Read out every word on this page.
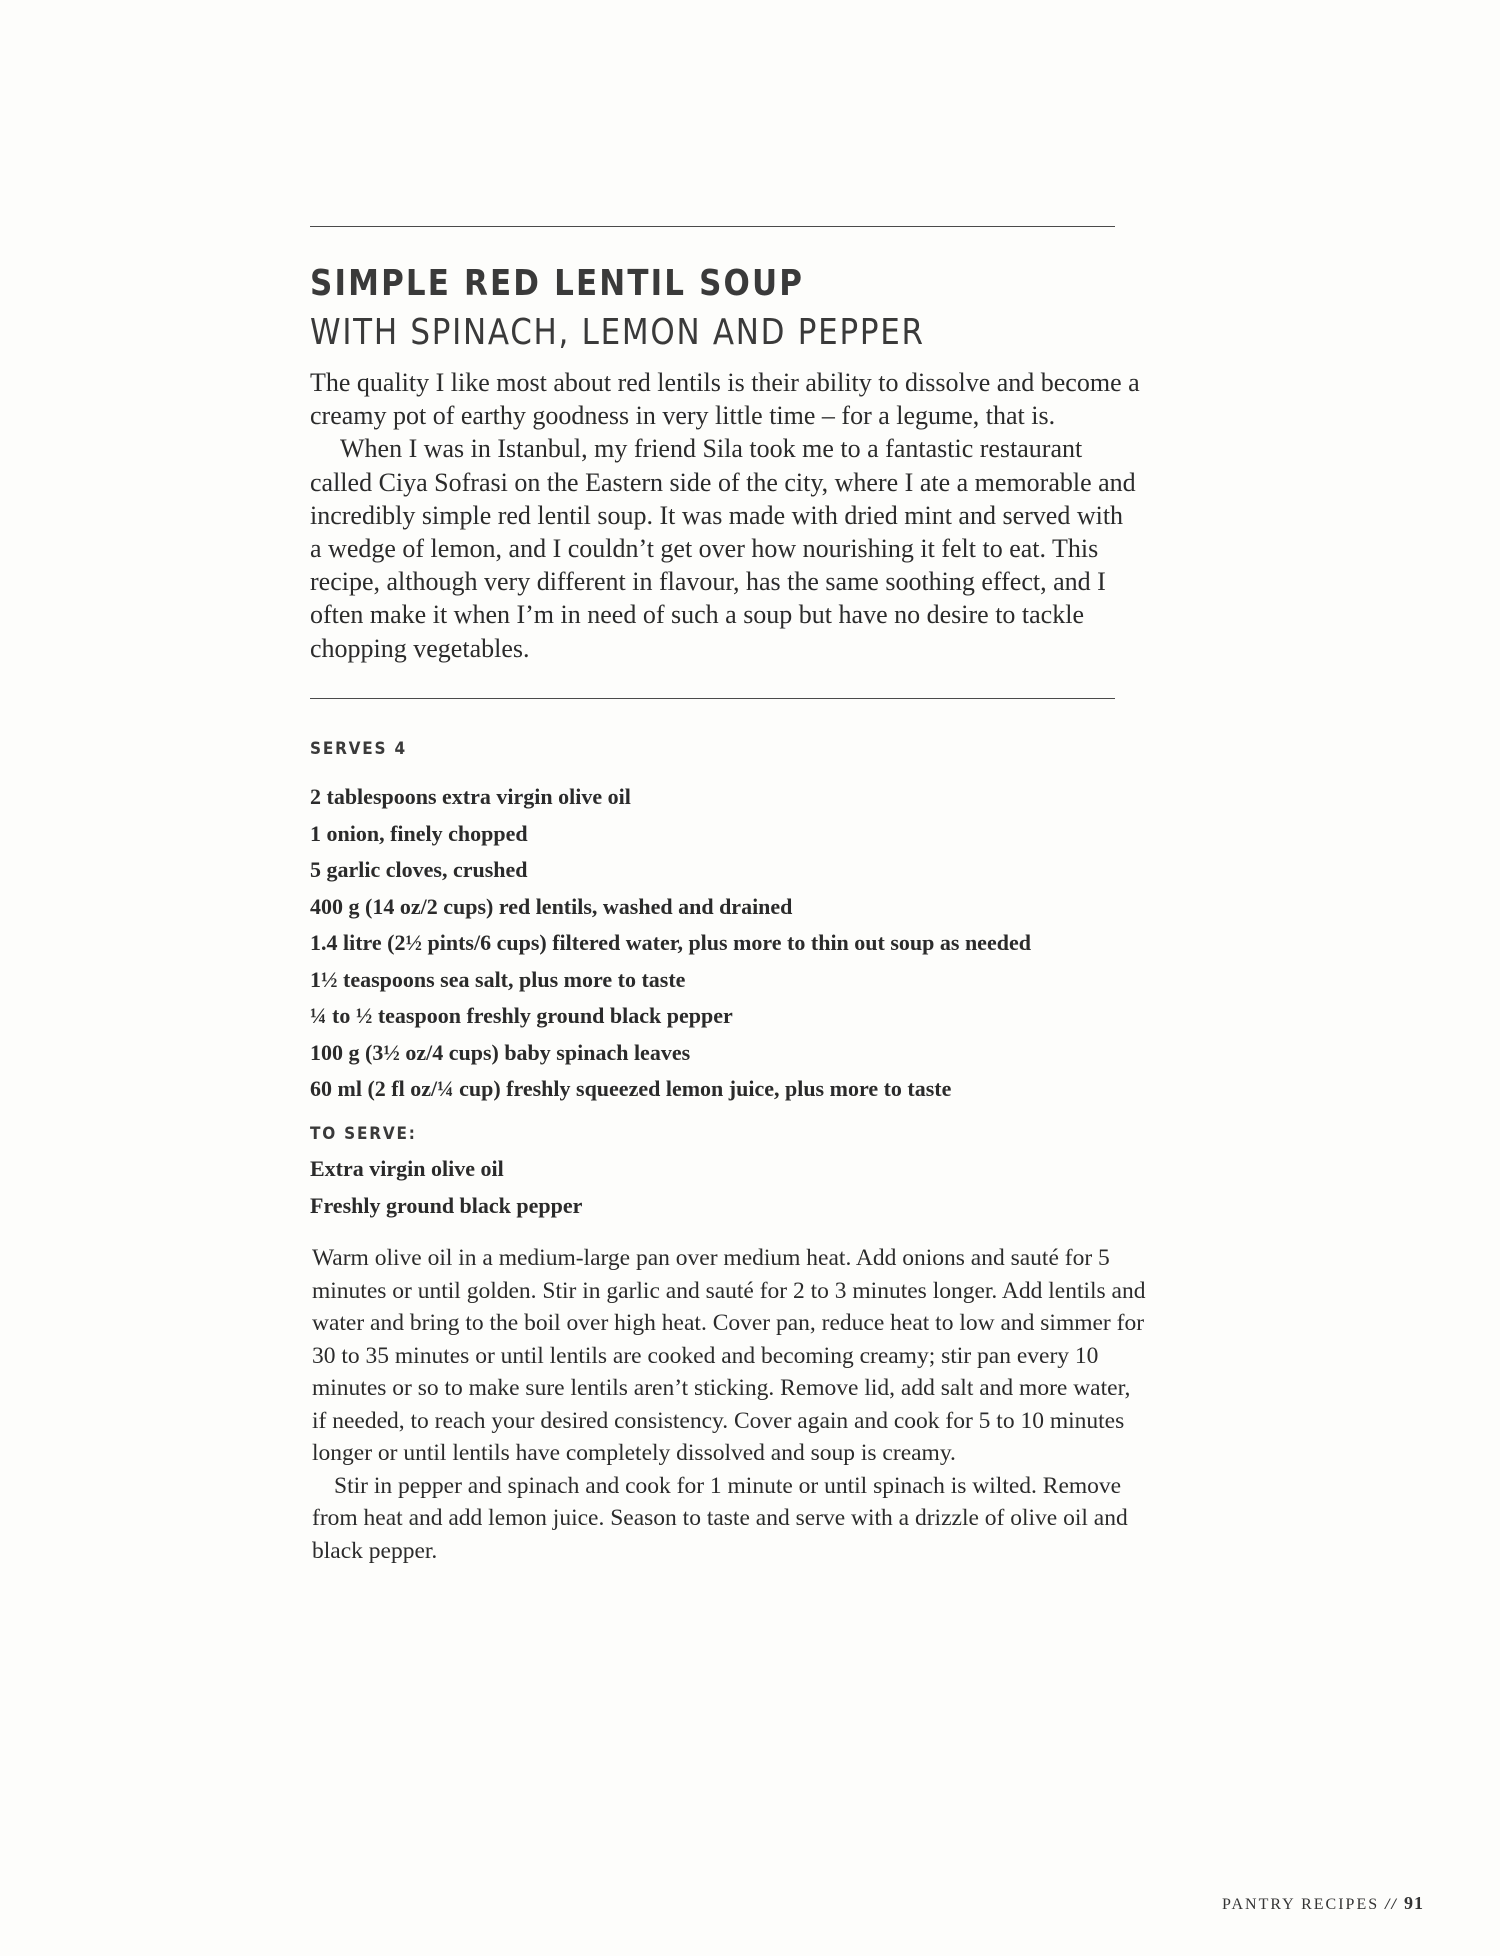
SIMPLE RED LENTIL SOUP
WITH SPINACH, LEMON AND PEPPER

The quality I like most about red lentils is their ability to dissolve and become a creamy pot of earthy goodness in very little time – for a legume, that is.

When I was in Istanbul, my friend Sila took me to a fantastic restaurant called Ciya Sofrasi on the Eastern side of the city, where I ate a memorable and incredibly simple red lentil soup. It was made with dried mint and served with a wedge of lemon, and I couldn’t get over how nourishing it felt to eat. This recipe, although very different in flavour, has the same soothing effect, and I often make it when I’m in need of such a soup but have no desire to tackle chopping vegetables.

SERVES 4
2 tablespoons extra virgin olive oil
1 onion, finely chopped
5 garlic cloves, crushed
400 g (14 oz/2 cups) red lentils, washed and drained
1.4 litre (2½ pints/6 cups) filtered water, plus more to thin out soup as needed
1½ teaspoons sea salt, plus more to taste
¼ to ½ teaspoon freshly ground black pepper
100 g (3½ oz/4 cups) baby spinach leaves
60 ml (2 fl oz/¼ cup) freshly squeezed lemon juice, plus more to taste
TO SERVE:
Extra virgin olive oil
Freshly ground black pepper

Warm olive oil in a medium-large pan over medium heat. Add onions and sauté for 5 minutes or until golden. Stir in garlic and sauté for 2 to 3 minutes longer. Add lentils and water and bring to the boil over high heat. Cover pan, reduce heat to low and simmer for 30 to 35 minutes or until lentils are cooked and becoming creamy; stir pan every 10 minutes or so to make sure lentils aren’t sticking. Remove lid, add salt and more water, if needed, to reach your desired consistency. Cover again and cook for 5 to 10 minutes longer or until lentils have completely dissolved and soup is creamy.

Stir in pepper and spinach and cook for 1 minute or until spinach is wilted. Remove from heat and add lemon juice. Season to taste and serve with a drizzle of olive oil and black pepper.

PANTRY RECIPES // 91
